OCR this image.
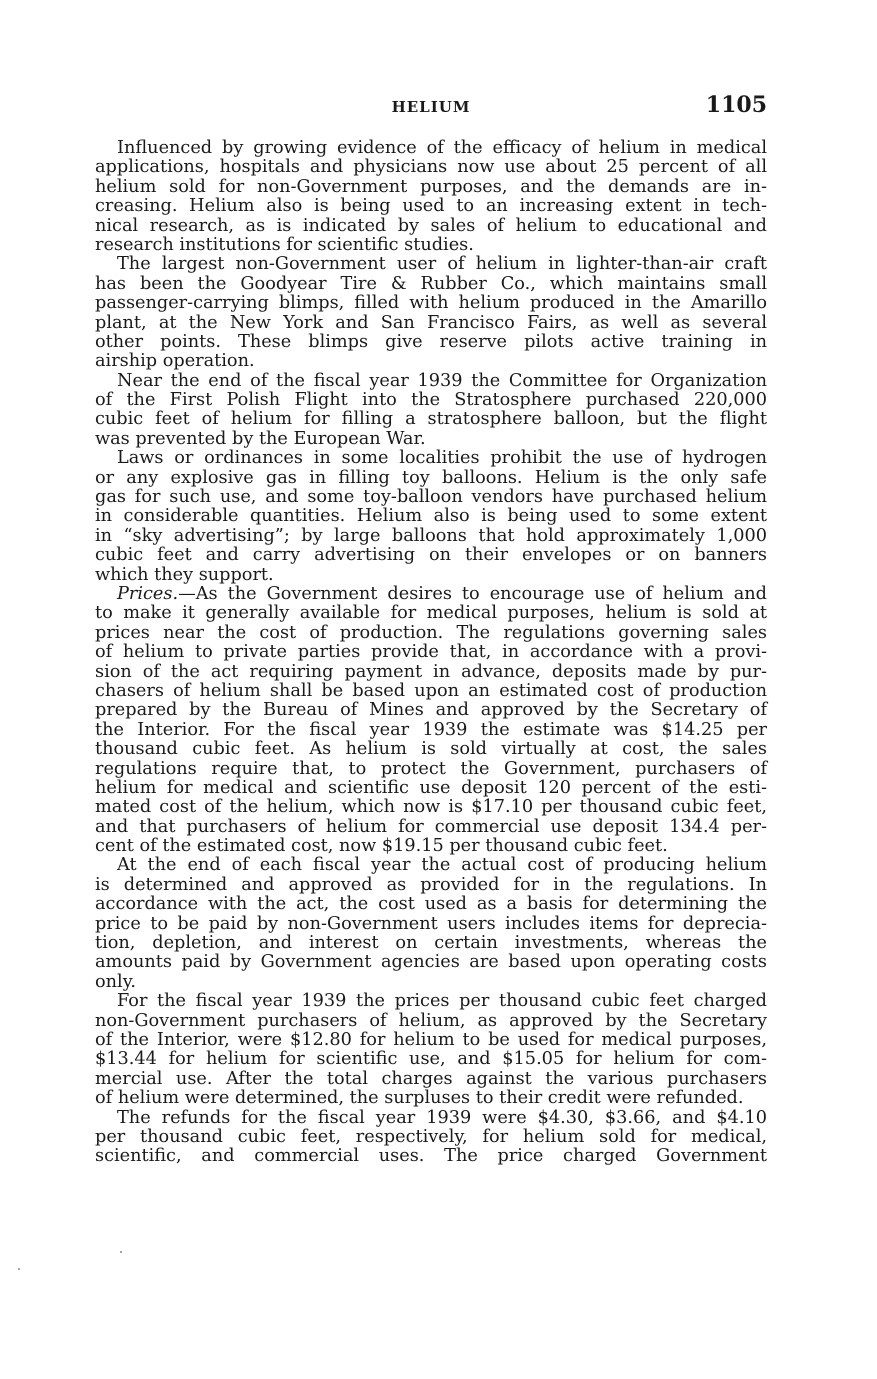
HELIUM	1105
Influenced by growing evidence of the efficacy of helium in medical
applications, hospitals and physicians now use about 25 percent of all
helium sold for non-Government purposes, and the demands are in-
creasing. Helium also is being used to an increasing extent in tech-
nical research, as is indicated by sales of helium to educational and
research institutions for scientific studies.
The largest non-Government user of helium in lighter-than-air craft
has been the Goodyear Tire & Rubber Co., which maintains small
passenger-carrying blimps, filled with helium produced in the Amarillo
plant, at the New York and San Francisco Fairs, as well as several
other points. These blimps give reserve pilots active training in
airship operation.
Near the end of the fiscal year 1939 the Committee for Organization
of the First Polish Flight into the Stratosphere purchased 220,000
cubic feet of helium for filling a stratosphere balloon, but the flight
was prevented by the European War.
Laws or ordinances in some localities prohibit the use of hydrogen
or any explosive gas in filling toy balloons. Helium is the only safe
gas for such use, and some toy-balloon vendors have purchased helium
in considerable quantities. Helium also is being used to some extent
in “sky advertising”; by large balloons that hold approximately 1,000
cubic feet and carry advertising on their envelopes or on banners
which they support.
Prices.—As the Government desires to encourage use of helium and
to make it generally available for medical purposes, helium is sold at
prices near the cost of production. The regulations governing sales
of helium to private parties provide that, in accordance with a provi-
sion of the act requiring payment in advance, deposits made by pur-
chasers of helium shall be based upon an estimated cost of production
prepared by the Bureau of Mines and approved by the Secretary of
the Interior. For the fiscal year 1939 the estimate was $14.25 per
thousand cubic feet. As helium is sold virtually at cost, the sales
regulations require that, to protect the Government, purchasers of
helium for medical and scientific use deposit 120 percent of the esti-
mated cost of the helium, which now is $17.10 per thousand cubic feet,
and that purchasers of helium for commercial use deposit 134.4 per-
cent of the estimated cost, now $19.15 per thousand cubic feet.
At the end of each fiscal year the actual cost of producing helium
is determined and approved as provided for in the regulations. In
accordance with the act, the cost used as a basis for determining the
price to be paid by non-Government users includes items for deprecia-
tion, depletion, and interest on certain investments, whereas the
amounts paid by Government agencies are based upon operating costs
only.
For the fiscal year 1939 the prices per thousand cubic feet charged
non-Government purchasers of helium, as approved by the Secretary
of the Interior, were $12.80 for helium to be used for medical purposes,
$13.44 for helium for scientific use, and $15.05 for helium for com-
mercial use. After the total charges against the various purchasers
of helium were determined, the surpluses to their credit were refunded.
The refunds for the fiscal year 1939 were $4.30, $3.66, and $4.10
per thousand cubic feet, respectively, for helium sold for medical,
scientific, and commercial uses. The price charged Government
